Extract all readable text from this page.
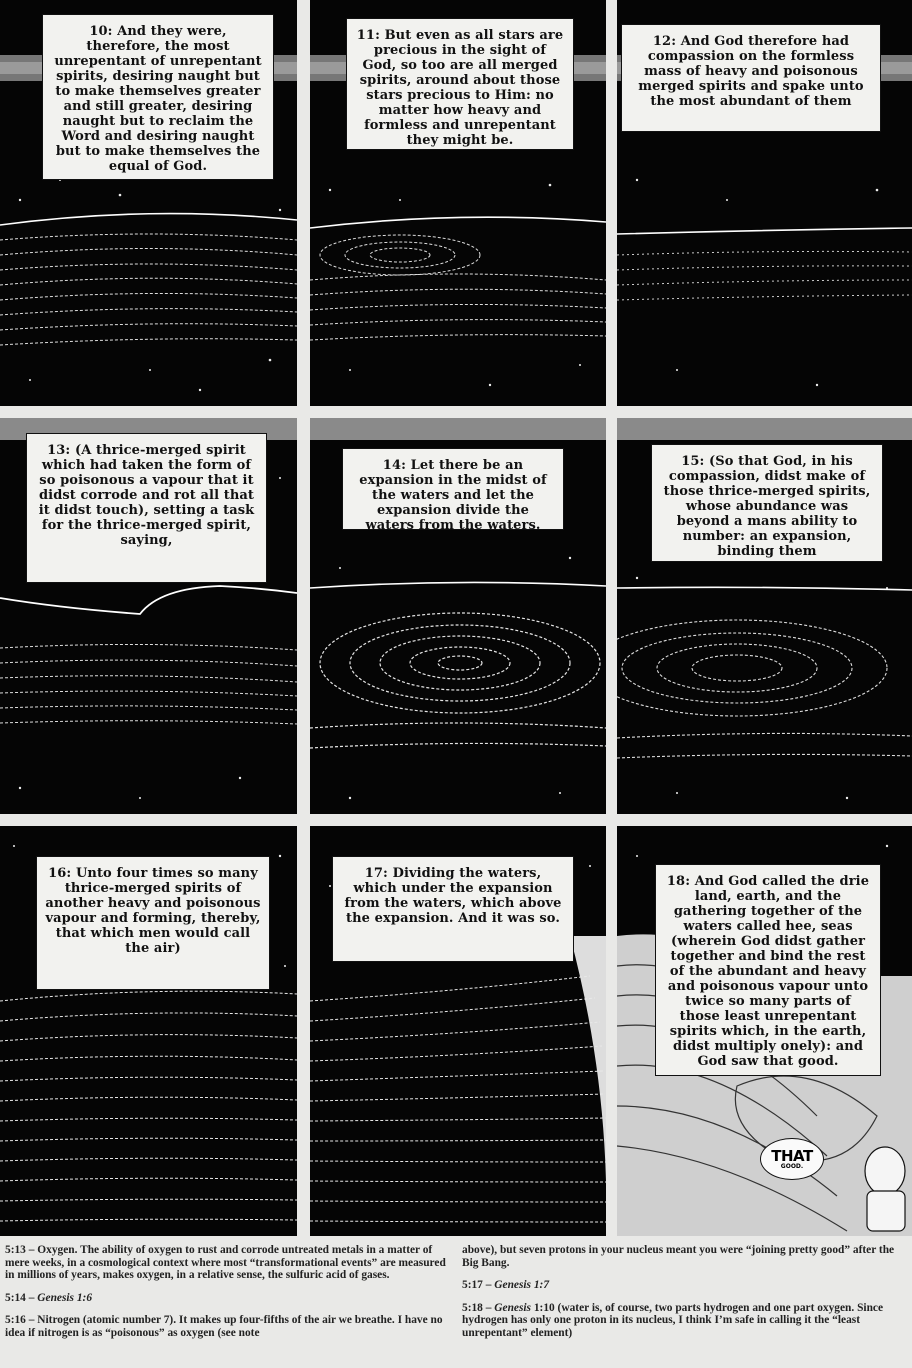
10: And they were, therefore, the most unrepentant of unrepentant spirits, desiring naught but to make themselves greater and still greater, desiring naught but to reclaim the Word and desiring naught but to make themselves the equal of God.
11: But even as all stars are precious in the sight of God, so too are all merged spirits, around about those stars precious to Him: no matter how heavy and formless and unrepentant they might be.
12: And God therefore had compassion on the formless mass of heavy and poisonous merged spirits and spake unto the most abundant of them
13: (A thrice-merged spirit which had taken the form of so poisonous a vapour that it didst corrode and rot all that it didst touch), setting a task for the thrice-merged spirit, saying,
14: Let there be an expansion in the midst of the waters and let the expansion divide the waters from the waters.
15: (So that God, in his compassion, didst make of those thrice-merged spirits, whose abundance was beyond a mans ability to number: an expansion, binding them
16: Unto four times so many thrice-merged spirits of another heavy and poisonous vapour and forming, thereby, that which men would call the air)
17: Dividing the waters, which under the expansion from the waters, which above the expansion. And it was so.
18: And God called the drie land, earth, and the gathering together of the waters called hee, seas (wherein God didst gather together and bind the rest of the abundant and heavy and poisonous vapour unto twice so many parts of those least unrepentant spirits which, in the earth, didst multiply onely): and God saw that good.
THAT
GOOD.

5:13 – Oxygen. The ability of oxygen to rust and corrode untreated metals in a matter of mere weeks, in a cosmological context where most “transformational events” are measured in millions of years, makes oxygen, in a relative sense, the sulfuric acid of gases.

5:14 – Genesis 1:6

5:16 – Nitrogen (atomic number 7). It makes up four-fifths of the air we breathe. I have no idea if nitrogen is as “poisonous” as oxygen (see note

above), but seven protons in your nucleus meant you were “joining pretty good” after the Big Bang.

5:17 – Genesis 1:7

5:18 – Genesis 1:10 (water is, of course, two parts hydrogen and one part oxygen. Since hydrogen has only one proton in its nucleus, I think I’m safe in calling it the “least unrepentant” element)
